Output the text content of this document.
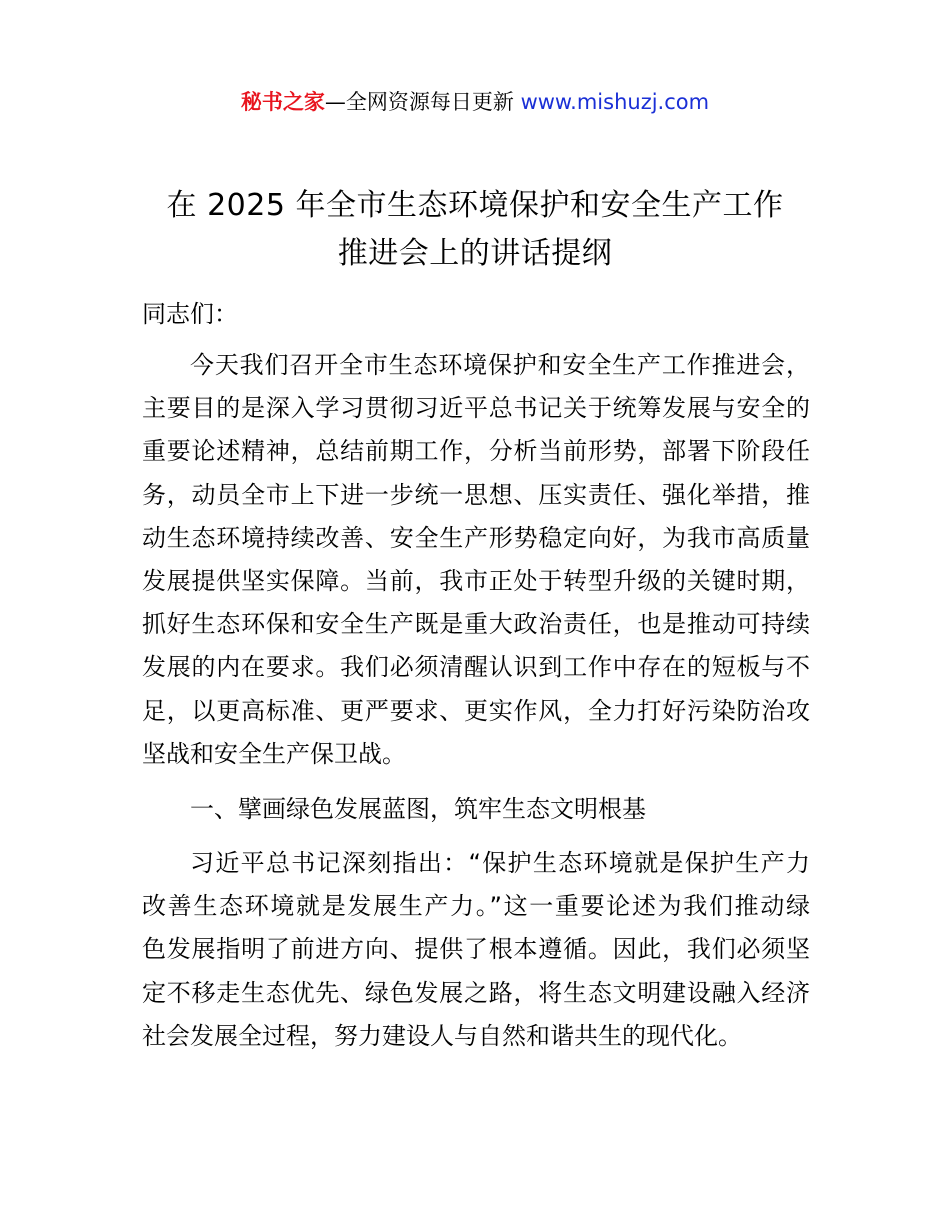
秘书之家—全网资源每日更新 www.mishuzj.com
在 2025 年全市生态环境保护和安全生产工作
推进会上的讲话提纲
同志们：
今天我们召开全市生态环境保护和安全生产工作推进会，
主要目的是深入学习贯彻习近平总书记关于统筹发展与安全的
重要论述精神，总结前期工作，分析当前形势，部署下阶段任
务，动员全市上下进一步统一思想、压实责任、强化举措，推
动生态环境持续改善、安全生产形势稳定向好，为我市高质量
发展提供坚实保障。当前，我市正处于转型升级的关键时期，
抓好生态环保和安全生产既是重大政治责任，也是推动可持续
发展的内在要求。我们必须清醒认识到工作中存在的短板与不
足，以更高标准、更严要求、更实作风，全力打好污染防治攻
坚战和安全生产保卫战。
一、擘画绿色发展蓝图，筑牢生态文明根基
习近平总书记深刻指出：“保护生态环境就是保护生产力
改善生态环境就是发展生产力。”这一重要论述为我们推动绿
色发展指明了前进方向、提供了根本遵循。因此，我们必须坚
定不移走生态优先、绿色发展之路，将生态文明建设融入经济
社会发展全过程，努力建设人与自然和谐共生的现代化。
